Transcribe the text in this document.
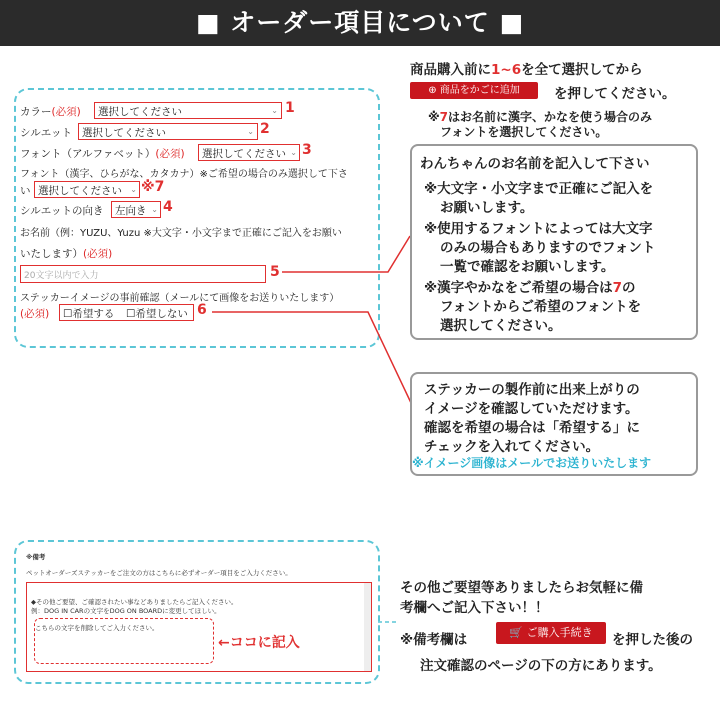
■ オーダー項目について ■
カラー(必須) 選択してください	⌄ 1
シルエット 選択してください	⌄ 2
フォント（アルファベット）(必須) 選択してください ⌄ 3
フォント（漢字、ひらがな、カタカナ）※ご希望の場合のみ選択して下さ
い 選択してください ⌄ ※7
シルエットの向き 左向き ⌄ 4
お名前（例：YUZU、Yuzu ※大文字・小文字まで正確にご記入をお願い
いたします）(必須)
20文字以内で入力	5
ステッカーイメージの事前確認（メールにて画像をお送りいたします）
(必須) ☐希望する ☐希望しない 6
商品購入前に1~6を全て選択してから
⊕ 商品をかごに追加	を押してください。
※7はお名前に漢字、かなを使う場合のみ
フォントを選択してください。
わんちゃんのお名前を記入して下さい
※大文字・小文字まで正確にご記入を
お願いします。
※使用するフォントによっては大文字
のみの場合もありますのでフォント
一覧で確認をお願いします。
※漢字やかなをご希望の場合は7の
フォントからご希望のフォントを
選択してください。
ステッカーの製作前に出来上がりの
イメージを確認していただけます。
確認を希望の場合は「希望する」に
チェックを入れてください。
※イメージ画像はメールでお送りいたします
※備考
ペットオーダーズステッカーをご注文の方はこちらに必ずオーダー項目をご入力ください。
◆その他ご要望、ご確認されたい事などありましたらご記入ください。
例：DOG IN CARの文字をDOG ON BOARDに変更してほしい。
こちらの文字を削除してご入力ください。
←ココに記入
その他ご要望等ありましたらお気軽に備
考欄へご記入下さい！！
※備考欄は	🛒 ご購入手続き	を押した後の
注文確認のページの下の方にあります。
